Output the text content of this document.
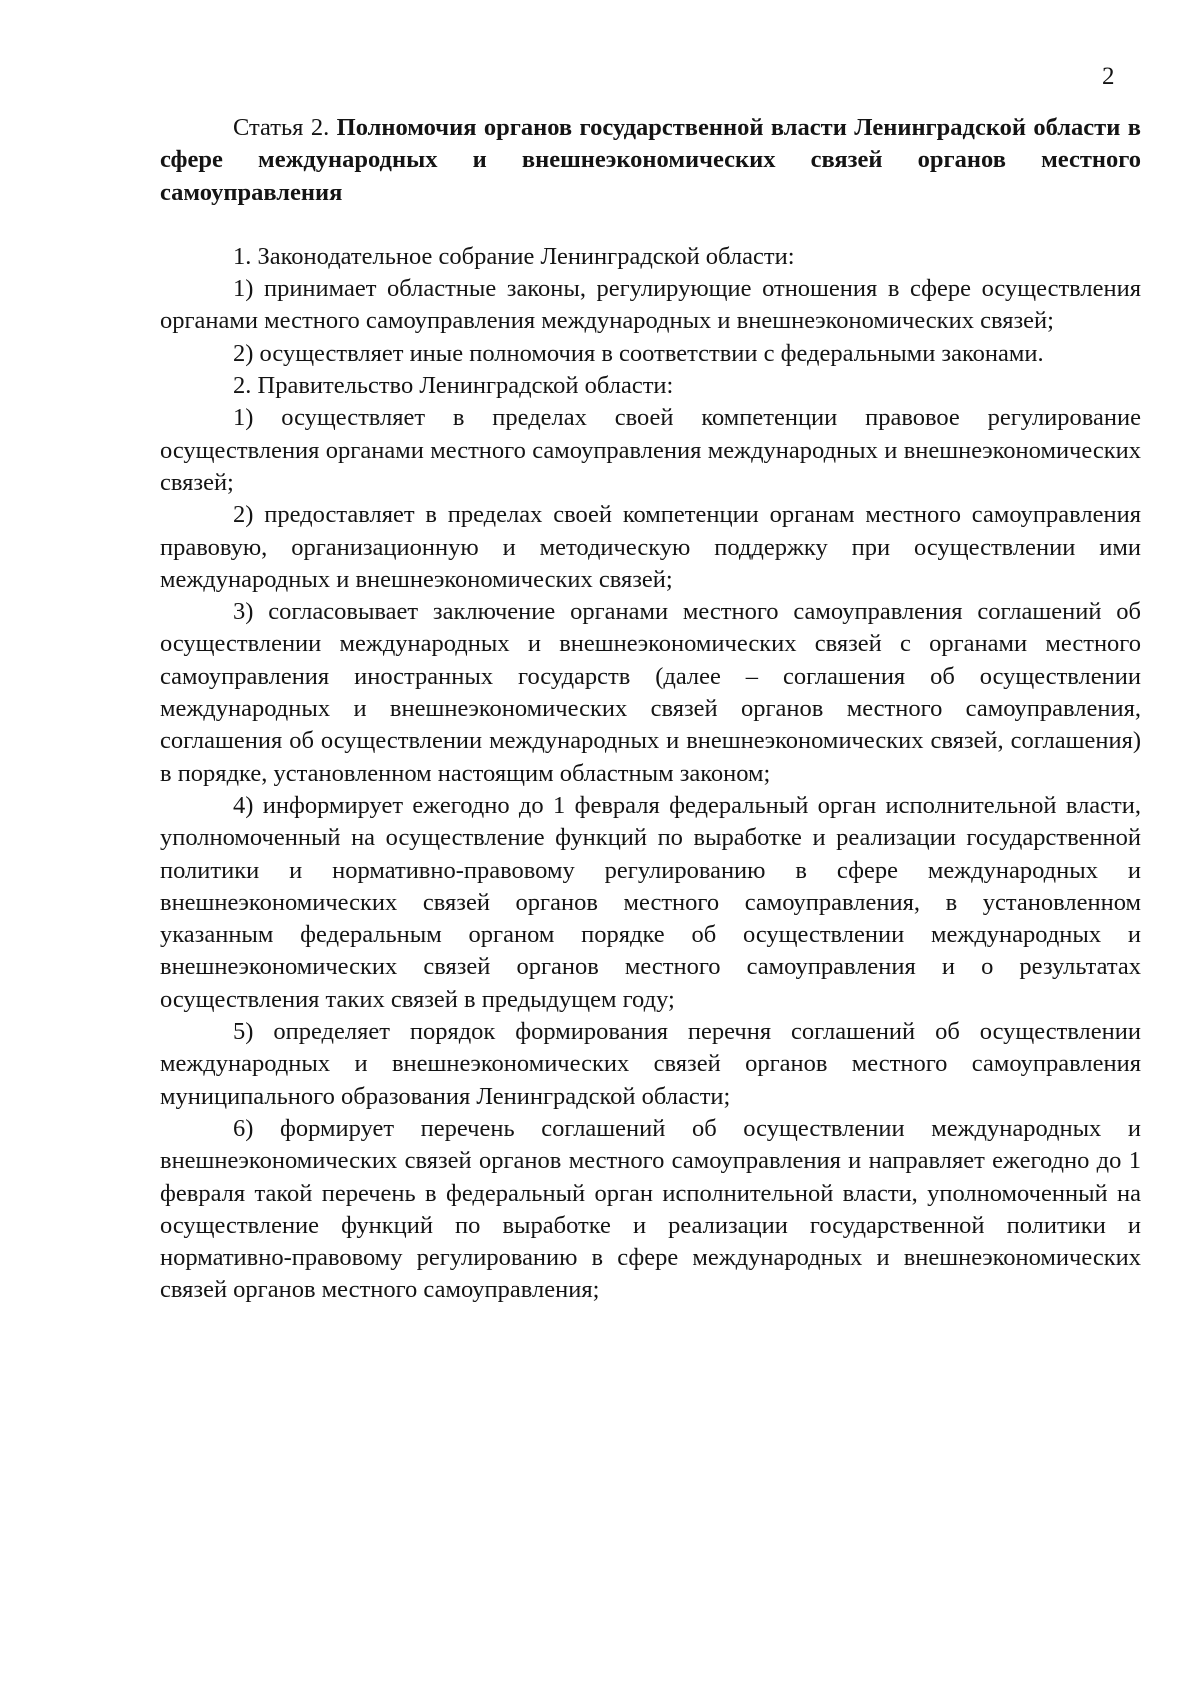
2

Статья 2. Полномочия органов государственной власти Ленинградской области в сфере международных и внешнеэкономических связей органов местного самоуправления

1. Законодательное собрание Ленинградской области:

1) принимает областные законы, регулирующие отношения в сфере осуществления органами местного самоуправления международных и внешнеэкономических связей;

2) осуществляет иные полномочия в соответствии с федеральными законами.

2. Правительство Ленинградской области:

1) осуществляет в пределах своей компетенции правовое регулирование осуществления органами местного самоуправления международных и внешнеэкономических связей;

2) предоставляет в пределах своей компетенции органам местного самоуправления правовую, организационную и методическую поддержку при осуществлении ими международных и внешнеэкономических связей;

3) согласовывает заключение органами местного самоуправления соглашений об осуществлении международных и внешнеэкономических связей с органами местного самоуправления иностранных государств (далее – соглашения об осуществлении международных и внешнеэкономических связей органов местного самоуправления, соглашения об осуществлении международных и внешнеэкономических связей, соглашения) в порядке, установленном настоящим областным законом;

4) информирует ежегодно до 1 февраля федеральный орган исполнительной власти, уполномоченный на осуществление функций по выработке и реализации государственной политики и нормативно-правовому регулированию в сфере международных и внешнеэкономических связей органов местного самоуправления, в установленном указанным федеральным органом порядке об осуществлении международных и внешнеэкономических связей органов местного самоуправления и о результатах осуществления таких связей в предыдущем году;

5) определяет порядок формирования перечня соглашений об осуществлении международных и внешнеэкономических связей органов местного самоуправления муниципального образования Ленинградской области;

6) формирует перечень соглашений об осуществлении международных и внешнеэкономических связей органов местного самоуправления и направляет ежегодно до 1 февраля такой перечень в федеральный орган исполнительной власти, уполномоченный на осуществление функций по выработке и реализации государственной политики и нормативно-правовому регулированию в сфере международных и внешнеэкономических связей органов местного самоуправления;
